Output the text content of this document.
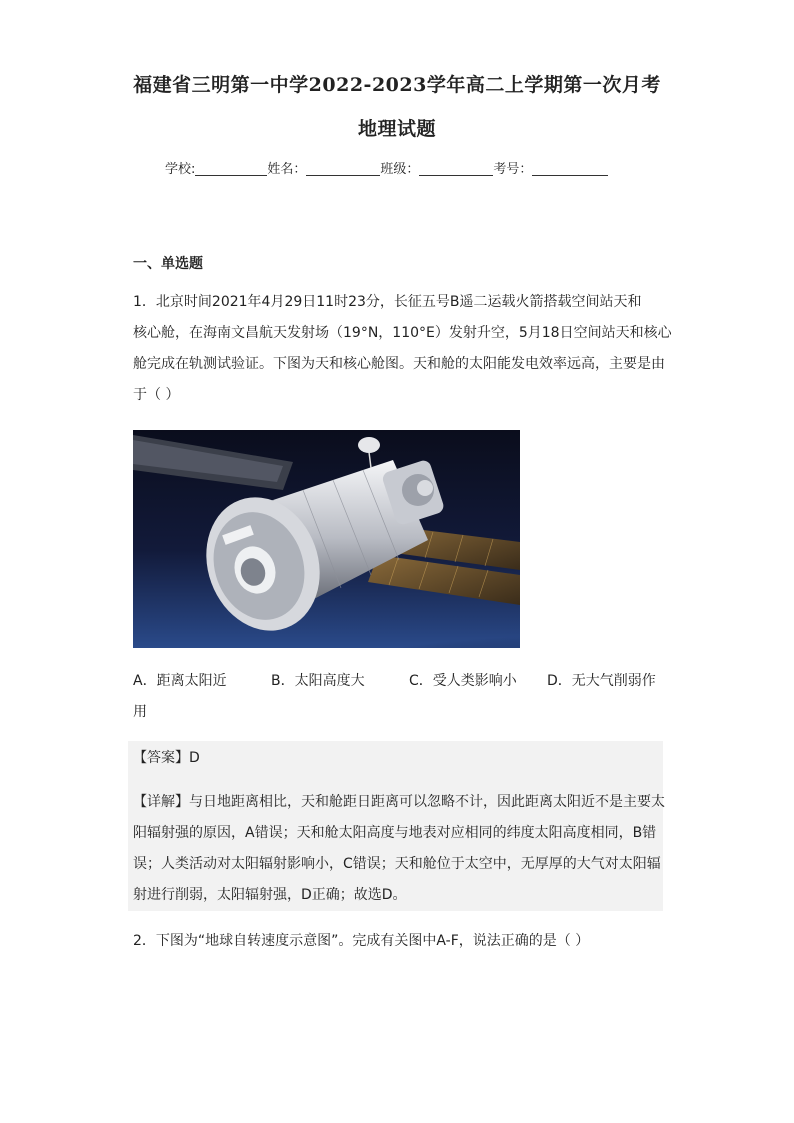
福建省三明第一中学2022-2023学年高二上学期第一次月考
地理试题
学校:	姓名：	班级：	考号：
一、单选题
1．北京时间2021年4月29日11时23分，长征五号B遥二运载火箭搭载空间站天和
核心舱，在海南文昌航天发射场（19°N，110°E）发射升空，5月18日空间站天和核心
舱完成在轨测试验证。下图为天和核心舱图。天和舱的太阳能发电效率远高，主要是由
于（ ）
A．距离太阳近	B．太阳高度大	C．受人类影响小 D．无大气削弱作
用
【答案】D
【详解】与日地距离相比，天和舱距日距离可以忽略不计，因此距离太阳近不是主要太
阳辐射强的原因，A错误；天和舱太阳高度与地表对应相同的纬度太阳高度相同，B错
误；人类活动对太阳辐射影响小，C错误；天和舱位于太空中，无厚厚的大气对太阳辐
射进行削弱，太阳辐射强，D正确；故选D。
2．下图为“地球自转速度示意图”。完成有关图中A-F，说法正确的是（ ）
